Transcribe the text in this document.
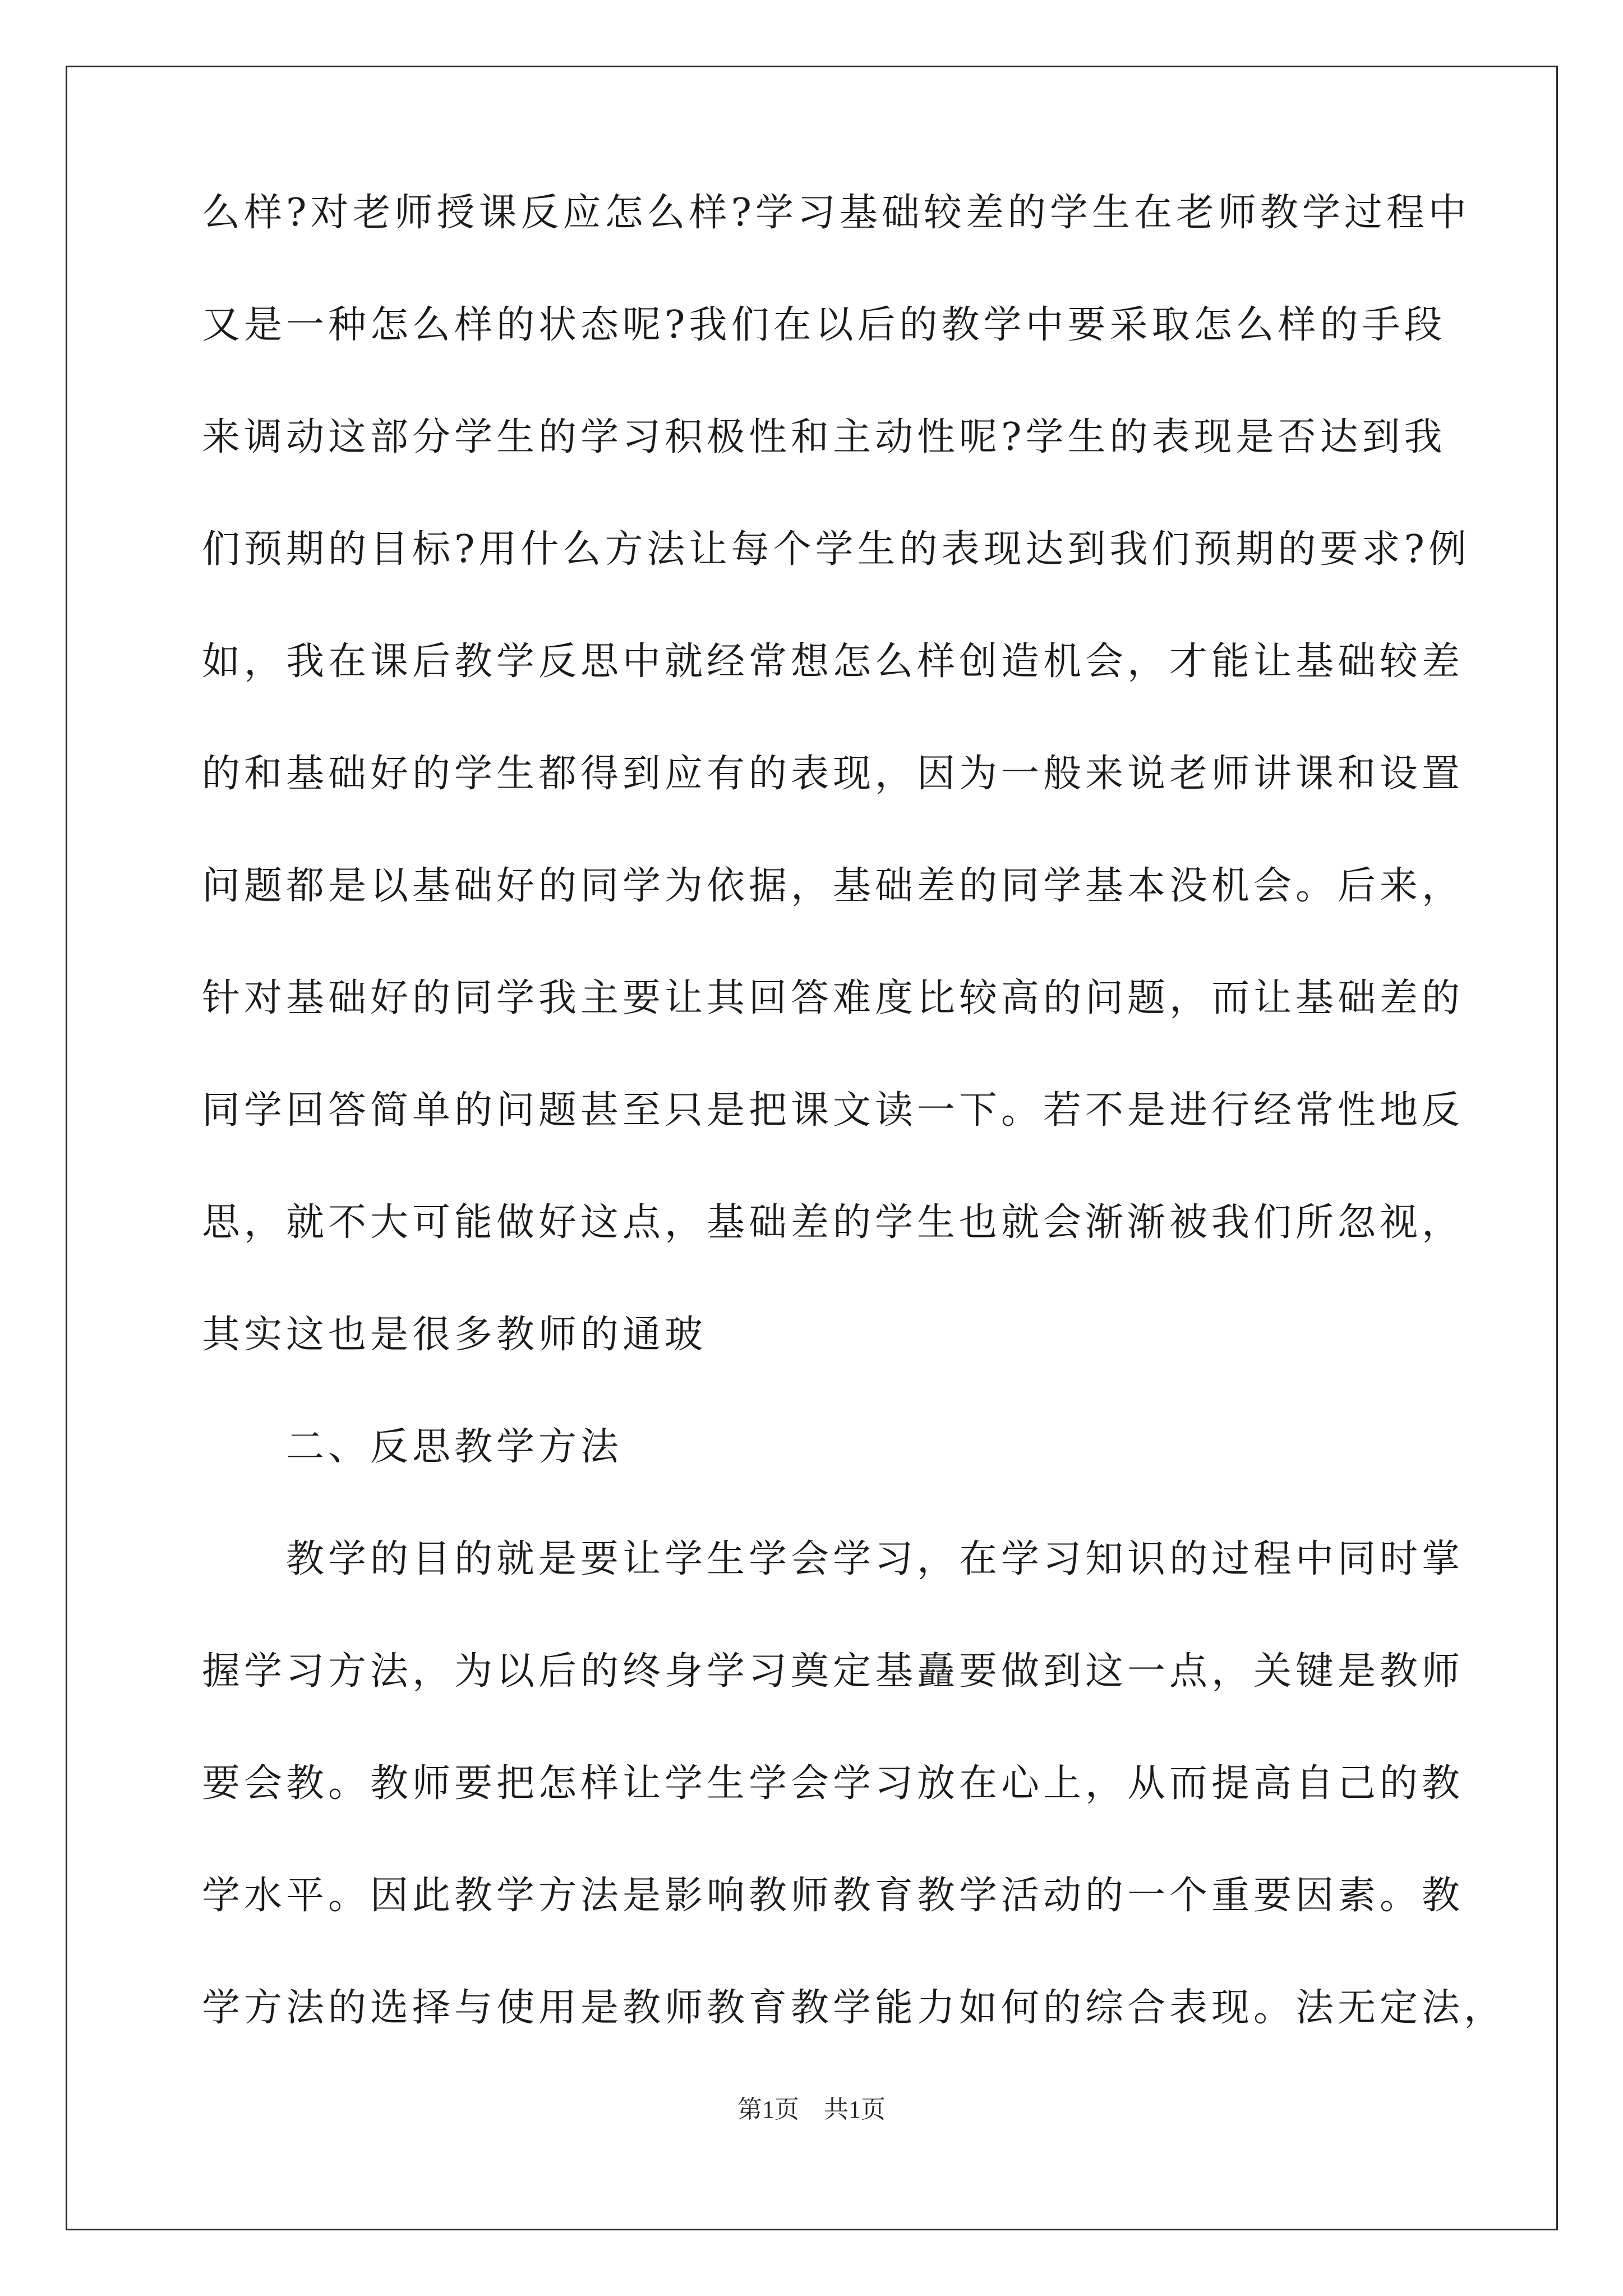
么样?对老师授课反应怎么样?学习基础较差的学生在老师教学过程中
又是一种怎么样的状态呢?我们在以后的教学中要采取怎么样的手段
来调动这部分学生的学习积极性和主动性呢?学生的表现是否达到我
们预期的目标?用什么方法让每个学生的表现达到我们预期的要求?例
如，我在课后教学反思中就经常想怎么样创造机会，才能让基础较差
的和基础好的学生都得到应有的表现，因为一般来说老师讲课和设置
问题都是以基础好的同学为依据，基础差的同学基本没机会。后来，
针对基础好的同学我主要让其回答难度比较高的问题，而让基础差的
同学回答简单的问题甚至只是把课文读一下。若不是进行经常性地反
思，就不大可能做好这点，基础差的学生也就会渐渐被我们所忽视，
其实这也是很多教师的通玻
　　二、反思教学方法
　　教学的目的就是要让学生学会学习，在学习知识的过程中同时掌
握学习方法，为以后的终身学习奠定基矗要做到这一点，关键是教师
要会教。教师要把怎样让学生学会学习放在心上，从而提高自己的教
学水平。因此教学方法是影响教师教育教学活动的一个重要因素。教
学方法的选择与使用是教师教育教学能力如何的综合表现。法无定法，
第1页　共1页
